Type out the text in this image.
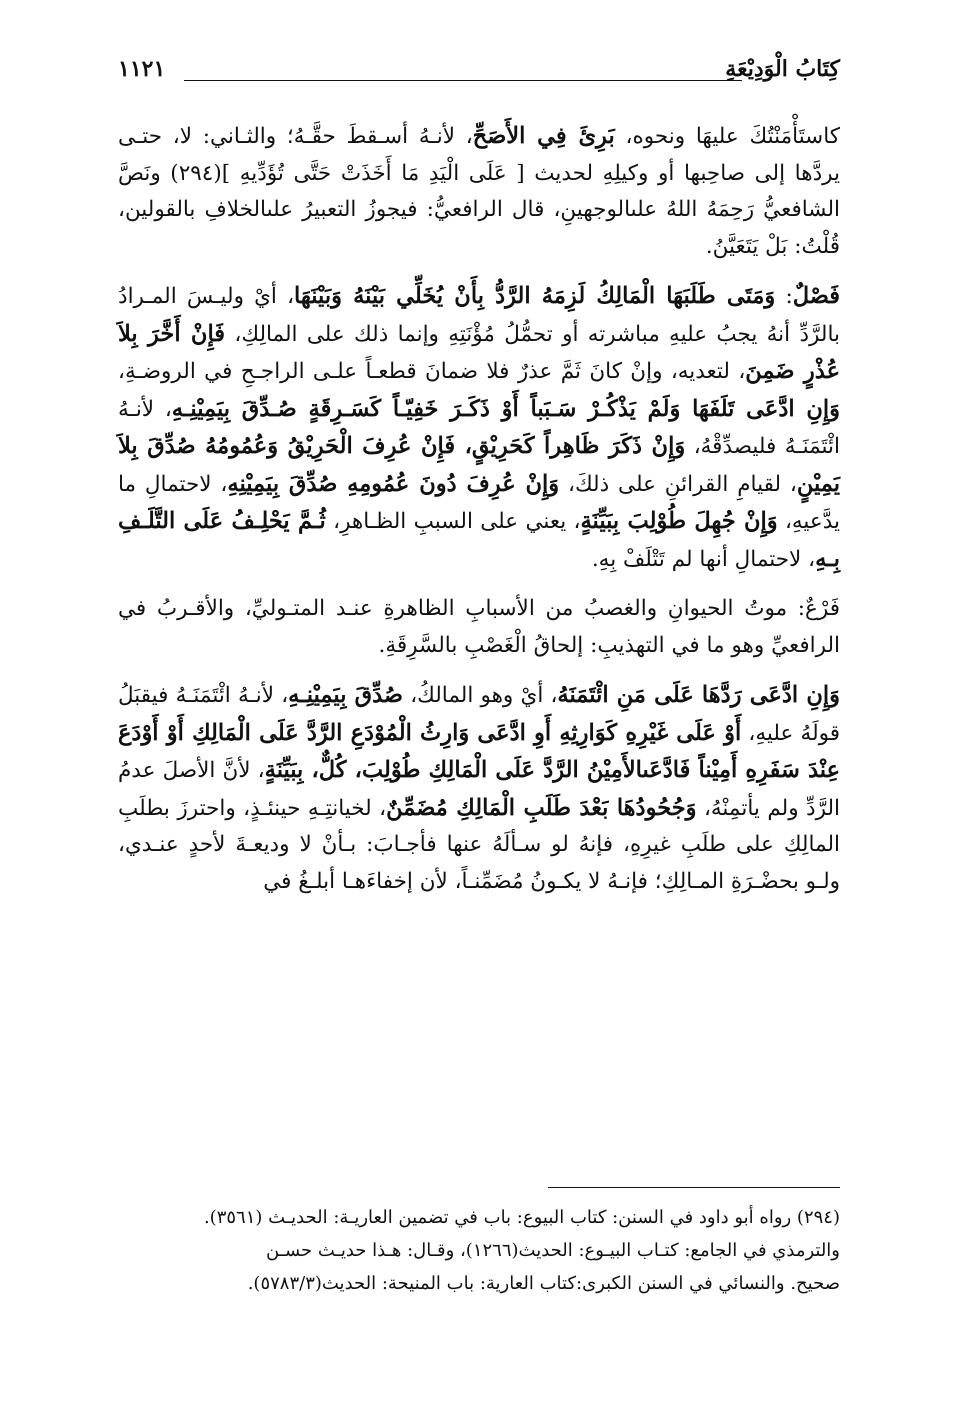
كِتَابُ الْوَدِيْعَةِ
١١٢١

كاستَأْمَنْتُكَ عليهَا ونحوه، بَرِئَ فِي الأَصَحِّ، لأنـهُ أسـقطَ حقَّـهُ؛ والثـاني: لا، حتـى يردَّها إلى صاحِبها أو وكيلِهِ لحديث [ عَلَى الْيَدِ مَا أَخَذَتْ حَتَّى تُؤَدِّيهِ ](٢٩٤) ونَصَّ الشافعيُّ رَحِمَهُ اللهُ علىالوجهينِ، قال الرافعيُّ: فيجوزُ التعبيرُ علىالخلافِ بالقولين، قُلْتُ: بَلْ يَتَعَيَّنُ.

فَصْلٌ: وَمَتَى طَلَبَهَا الْمَالِكُ لَزِمَهُ الرَّدُّ بِأَنْ يُخَلِّي بَيْنَهُ وَبَيْنَهَا، أيْ وليـسَ المـرادُ بالرَّدِّ أنهُ يجبُ عليهِ مباشرته أو تحمُّلُ مُؤْنَتِهِ وإنما ذلك على المالِكِ، فَإِنْ أَخَّرَ بِلاَ عُذْرٍ ضَمِنَ، لتعديه، وإنْ كانَ ثَمَّ عذرٌ فلا ضمانَ قطعـاً علـى الراجـحِ في الروضـةِ، وَإِنِ ادَّعَى تَلَفَهَا وَلَمْ يَذْكُـرْ سَـبَباً أَوْ ذَكَـرَ خَفِيّـاً كَسَـرِقَةٍ صُـدِّقَ بِيَمِيْنِـهِ، لأنـهُ ائْتَمَنَـهُ فليصدِّقْهُ، وَإِنْ ذَكَرَ ظَاهِراً كَحَرِيْقٍ، فَإِنْ عُرِفَ الْحَرِيْقُ وَعُمُومُهُ صُدِّقَ بِلاَ يَمِيْنٍ، لقيامِ القرائنِ على ذلكَ، وَإِنْ عُرِفَ دُونَ عُمُومِهِ صُدِّقَ بِيَمِيْنِهِ، لاحتمالِ ما يدَّعيهِ، وَإِنْ جُهِلَ طُوْلِبَ بِبَيِّنَةٍ، يعني على السببِ الظـاهرِ، ثُـمَّ يَحْلِـفُ عَلَى التَّلَـفِ بِـهِ، لاحتمالِ أنها لم تَتْلَفْ بِهِ.

فَرْعٌ: موتُ الحيوانِ والغصبُ من الأسبابِ الظاهرةِ عنـد المتـوليِّ، والأقـربُ في الرافعيِّ وهو ما في التهذيبِ: إلحاقُ الْغَصْبِ بالسَّرِقَةِ.

وَإِنِ ادَّعَى رَدَّهَا عَلَى مَنِ ائْتَمَنَهُ، أيْ وهو المالكُ، صُدِّقَ بِيَمِيْنِـهِ، لأنـهُ ائْتَمَنَـهُ فيقبَلُ قولَهُ عليهِ، أَوْ عَلَى غَيْرِهِ كَوَارِثِهِ أَوِ ادَّعَى وَارِثُ الْمُوْدَعِ الرَّدَّ عَلَى الْمَالِكِ أَوْ أَوْدَعَ عِنْدَ سَفَرِهِ أَمِيْناً فَادَّعَىالأَمِيْنُ الرَّدَّ عَلَى الْمَالِكِ طُوْلِبَ، كُلٌّ، بِبَيِّنَةٍ، لأنَّ الأصلَ عدمُ الرَّدِّ ولم يأتمِنْهُ، وَجُحُودُهَا بَعْدَ طَلَبِ الْمَالِكِ مُضَمِّنٌ، لخيانتِـهِ حينئـذٍ، واحترزَ بطلَبِ المالِكِ على طلَبِ غيرِهِ، فإنهُ لو سـألَهُ عنها فأجـابَ: بـأنْ لا وديعـةَ لأحدٍ عنـدي، ولـو بحضْـرَةِ المـالِكِ؛ فإنـهُ لا يكـونُ مُضَمِّنـاً، لأن إخفاءَهـا أبلـغُ في

(٢٩٤) رواه أبو داود في السنن: كتاب البيوع: باب في تضمين العاريـة: الحديـث (٣٥٦١).

والترمذي في الجامع: كتـاب البيـوع: الحديث(١٢٦٦)، وقـال: هـذا حديـث حسـن

صحيح. والنسائي في السنن الكبرى:كتاب العارية: باب المنيحة: الحديث(٥٧٨٣/٣).
